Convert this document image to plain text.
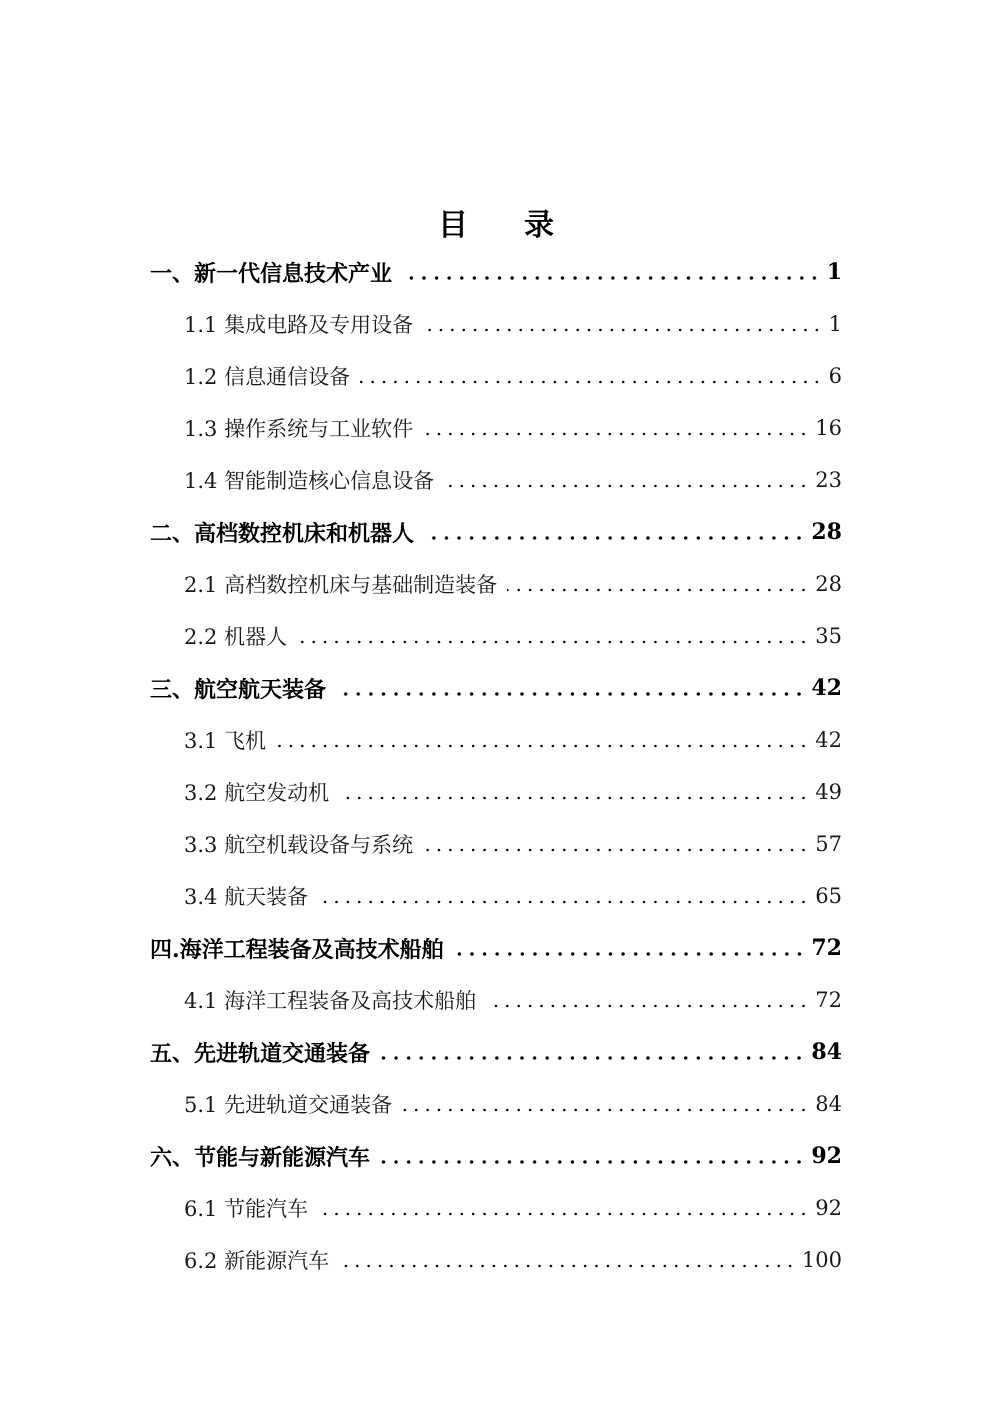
目 录
一、新一代信息技术产业	1
1.1 集成电路及专用设备	1
1.2 信息通信设备	6
1.3 操作系统与工业软件	16
1.4 智能制造核心信息设备	23
二、高档数控机床和机器人	28
2.1 高档数控机床与基础制造装备	28
2.2 机器人	35
三、航空航天装备	42
3.1 飞机	42
3.2 航空发动机	49
3.3 航空机载设备与系统	57
3.4 航天装备	65
四.海洋工程装备及高技术船舶	72
4.1 海洋工程装备及高技术船舶	72
五、先进轨道交通装备	84
5.1 先进轨道交通装备	84
六、节能与新能源汽车	92
6.1 节能汽车	92
6.2 新能源汽车	100
